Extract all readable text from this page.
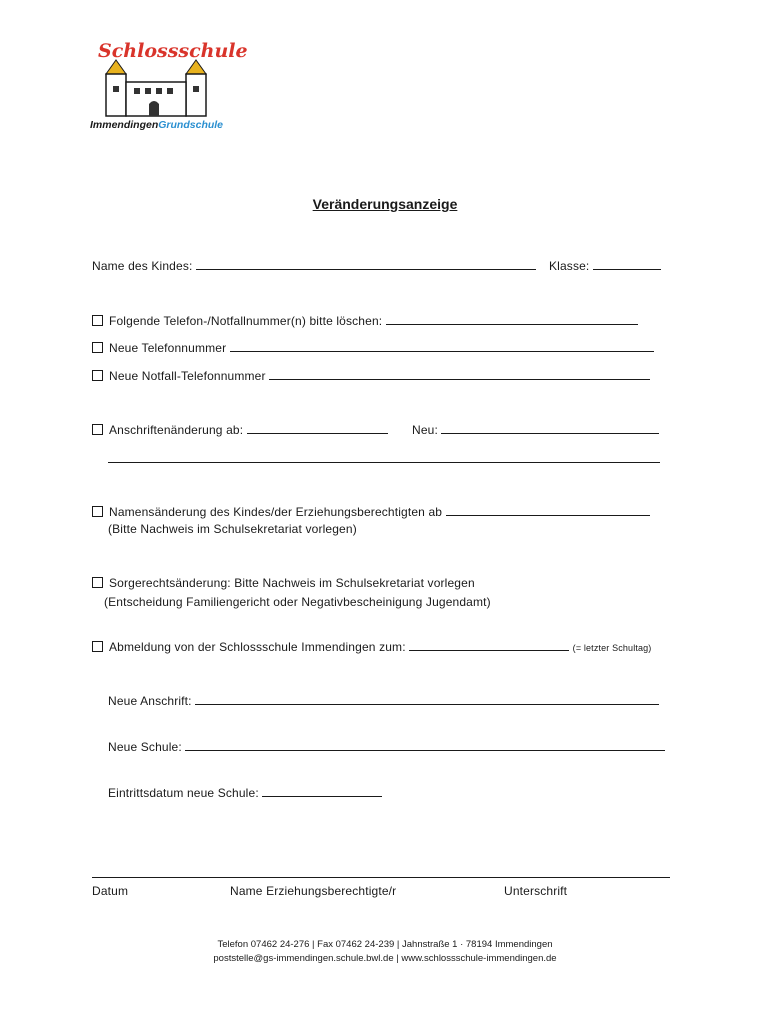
Schlossschule
ImmendingenGrundschule
Veränderungsanzeige
Name des Kindes:	Klasse:
Folgende Telefon-/Notfallnummer(n) bitte löschen:
Neue Telefonnummer
Neue Notfall-Telefonnummer
Anschriftenänderung ab:	Neu:
Namensänderung des Kindes/der Erziehungsberechtigten ab
(Bitte Nachweis im Schulsekretariat vorlegen)
Sorgerechtsänderung: Bitte Nachweis im Schulsekretariat vorlegen
(Entscheidung Familiengericht oder Negativbescheinigung Jugendamt)
Abmeldung von der Schlossschule Immendingen zum:	(= letzter Schultag)
Neue Anschrift:
Neue Schule:
Eintrittsdatum neue Schule:
Datum	Name Erziehungsberechtigte/r	Unterschrift
Telefon 07462 24-276 | Fax 07462 24-239 | Jahnstraße 1 · 78194 Immendingen
poststelle@gs-immendingen.schule.bwl.de | www.schlossschule-immendingen.de
